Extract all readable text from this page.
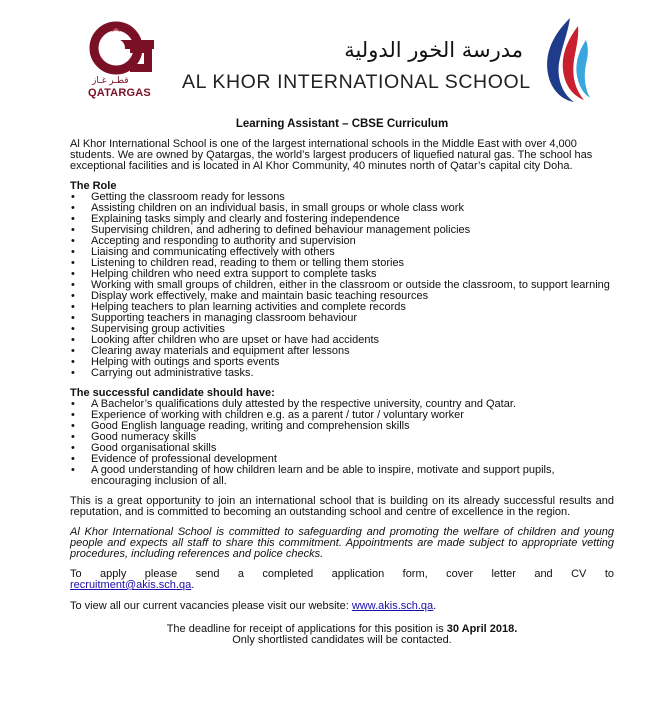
قطـر غـاز
QATARGAS
مدرسة الخور الدولية
AL KHOR INTERNATIONAL SCHOOL
Learning Assistant – CBSE Curriculum

Al Khor International School is one of the largest international schools in the Middle East with over 4,000 students. We are owned by Qatargas, the world’s largest producers of liquefied natural gas. The school has exceptional facilities and is located in Al Khor Community, 40 minutes north of Qatar’s capital city Doha.

The Role
• Getting the classroom ready for lessons
• Assisting children on an individual basis, in small groups or whole class work
• Explaining tasks simply and clearly and fostering independence
• Supervising children, and adhering to defined behaviour management policies
• Accepting and responding to authority and supervision
• Liaising and communicating effectively with others
• Listening to children read, reading to them or telling them stories
• Helping children who need extra support to complete tasks
• Working with small groups of children, either in the classroom or outside the classroom, to support learning
• Display work effectively, make and maintain basic teaching resources
• Helping teachers to plan learning activities and complete records
• Supporting teachers in managing classroom behaviour
• Supervising group activities
• Looking after children who are upset or have had accidents
• Clearing away materials and equipment after lessons
• Helping with outings and sports events
• Carrying out administrative tasks.
The successful candidate should have:
• A Bachelor’s qualifications duly attested by the respective university, country and Qatar.
• Experience of working with children e.g. as a parent / tutor / voluntary worker
• Good English language reading, writing and comprehension skills
• Good numeracy skills
• Good organisational skills
• Evidence of professional development
• A good understanding of how children learn and be able to inspire, motivate and support pupils, encouraging inclusion of all.

This is a great opportunity to join an international school that is building on its already successful results and reputation, and is committed to becoming an outstanding school and centre of excellence in the region.

Al Khor International School is committed to safeguarding and promoting the welfare of children and young people and expects all staff to share this commitment. Appointments are made subject to appropriate vetting procedures, including references and police checks.

To apply please send a completed application form, cover letter and CV to
recruitment@akis.sch.qa.

To view all our current vacancies please visit our website: www.akis.sch.qa.

The deadline for receipt of applications for this position is 30 April 2018.
Only shortlisted candidates will be contacted.
